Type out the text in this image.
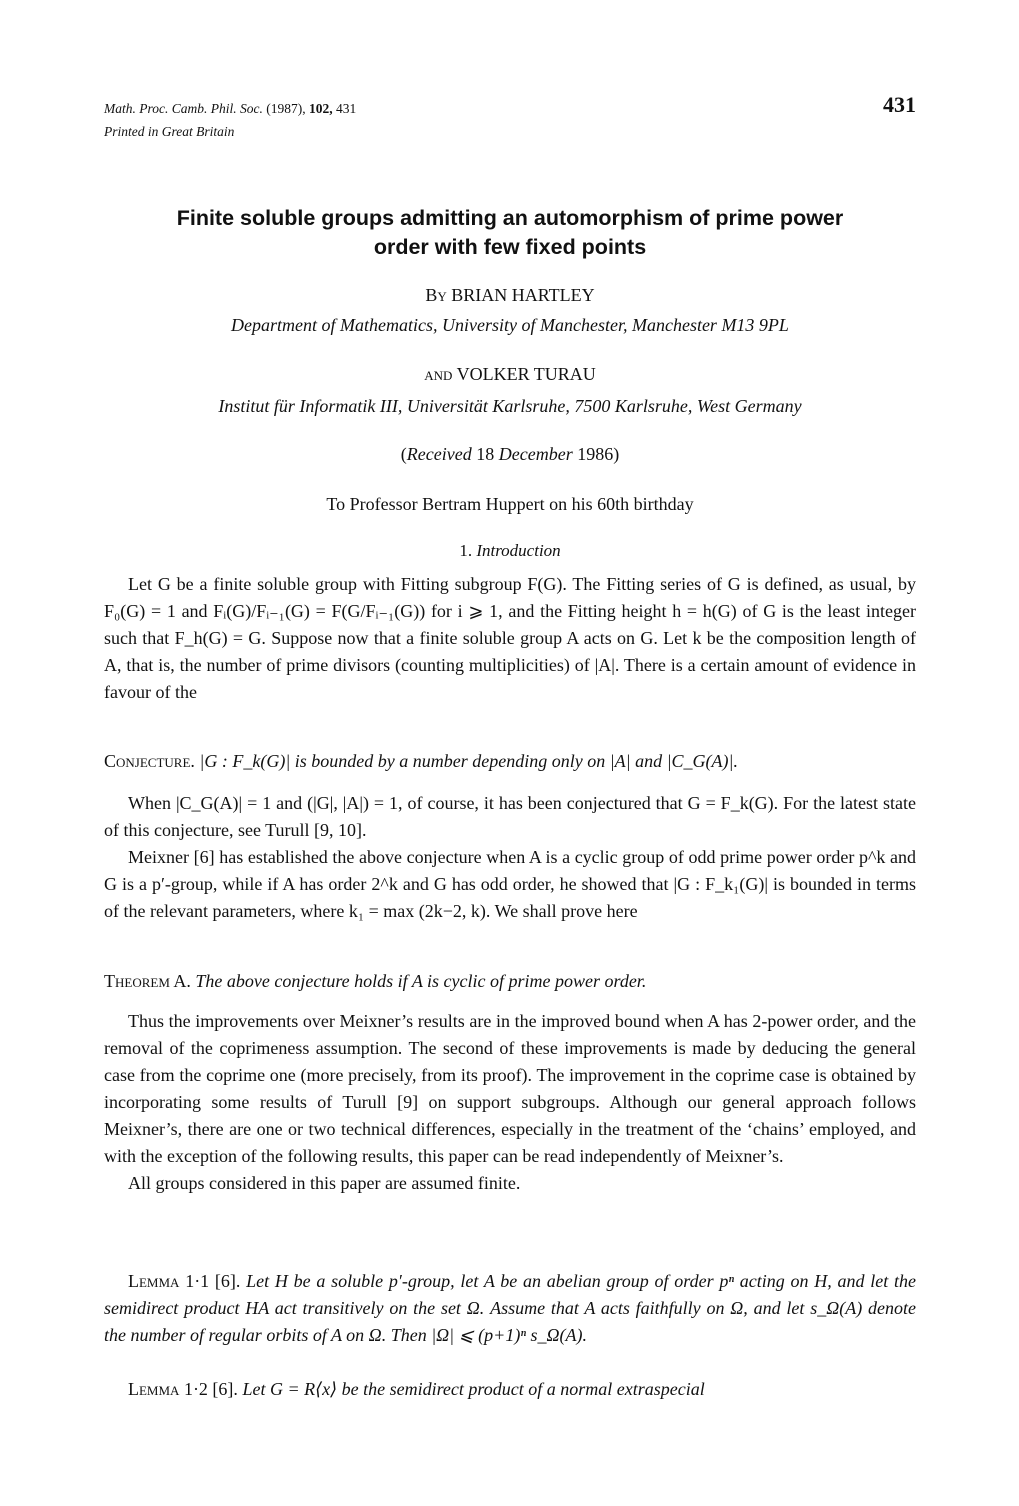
Math. Proc. Camb. Phil. Soc. (1987), 102, 431
Printed in Great Britain
431
Finite soluble groups admitting an automorphism of prime power
order with few fixed points
By BRIAN HARTLEY
Department of Mathematics, University of Manchester, Manchester M13 9PL
and VOLKER TURAU
Institut für Informatik III, Universität Karlsruhe, 7500 Karlsruhe, West Germany
(Received 18 December 1986)
To Professor Bertram Huppert on his 60th birthday
1. Introduction

Let G be a finite soluble group with Fitting subgroup F(G). The Fitting series of G is defined, as usual, by F₀(G) = 1 and Fᵢ(G)/Fᵢ₋₁(G) = F(G/Fᵢ₋₁(G)) for i ⩾ 1, and the Fitting height h = h(G) of G is the least integer such that F_h(G) = G. Suppose now that a finite soluble group A acts on G. Let k be the composition length of A, that is, the number of prime divisors (counting multiplicities) of |A|. There is a certain amount of evidence in favour of the

Conjecture. |G : F_k(G)| is bounded by a number depending only on |A| and |C_G(A)|.

When |C_G(A)| = 1 and (|G|, |A|) = 1, of course, it has been conjectured that G = F_k(G). For the latest state of this conjecture, see Turull [9, 10].

Meixner [6] has established the above conjecture when A is a cyclic group of odd prime power order p^k and G is a p′-group, while if A has order 2^k and G has odd order, he showed that |G : F_k₁(G)| is bounded in terms of the relevant parameters, where k₁ = max (2k−2, k). We shall prove here

Theorem A. The above conjecture holds if A is cyclic of prime power order.

Thus the improvements over Meixner’s results are in the improved bound when A has 2-power order, and the removal of the coprimeness assumption. The second of these improvements is made by deducing the general case from the coprime one (more precisely, from its proof). The improvement in the coprime case is obtained by incorporating some results of Turull [9] on support subgroups. Although our general approach follows Meixner’s, there are one or two technical differences, especially in the treatment of the ‘chains’ employed, and with the exception of the following results, this paper can be read independently of Meixner’s.

All groups considered in this paper are assumed finite.

Lemma 1·1 [6]. Let H be a soluble p′-group, let A be an abelian group of order pⁿ acting on H, and let the semidirect product HA act transitively on the set Ω. Assume that A acts faithfully on Ω, and let s_Ω(A) denote the number of regular orbits of A on Ω. Then |Ω| ⩽ (p+1)ⁿ s_Ω(A).

Lemma 1·2 [6]. Let G = R⟨x⟩ be the semidirect product of a normal extraspecial
